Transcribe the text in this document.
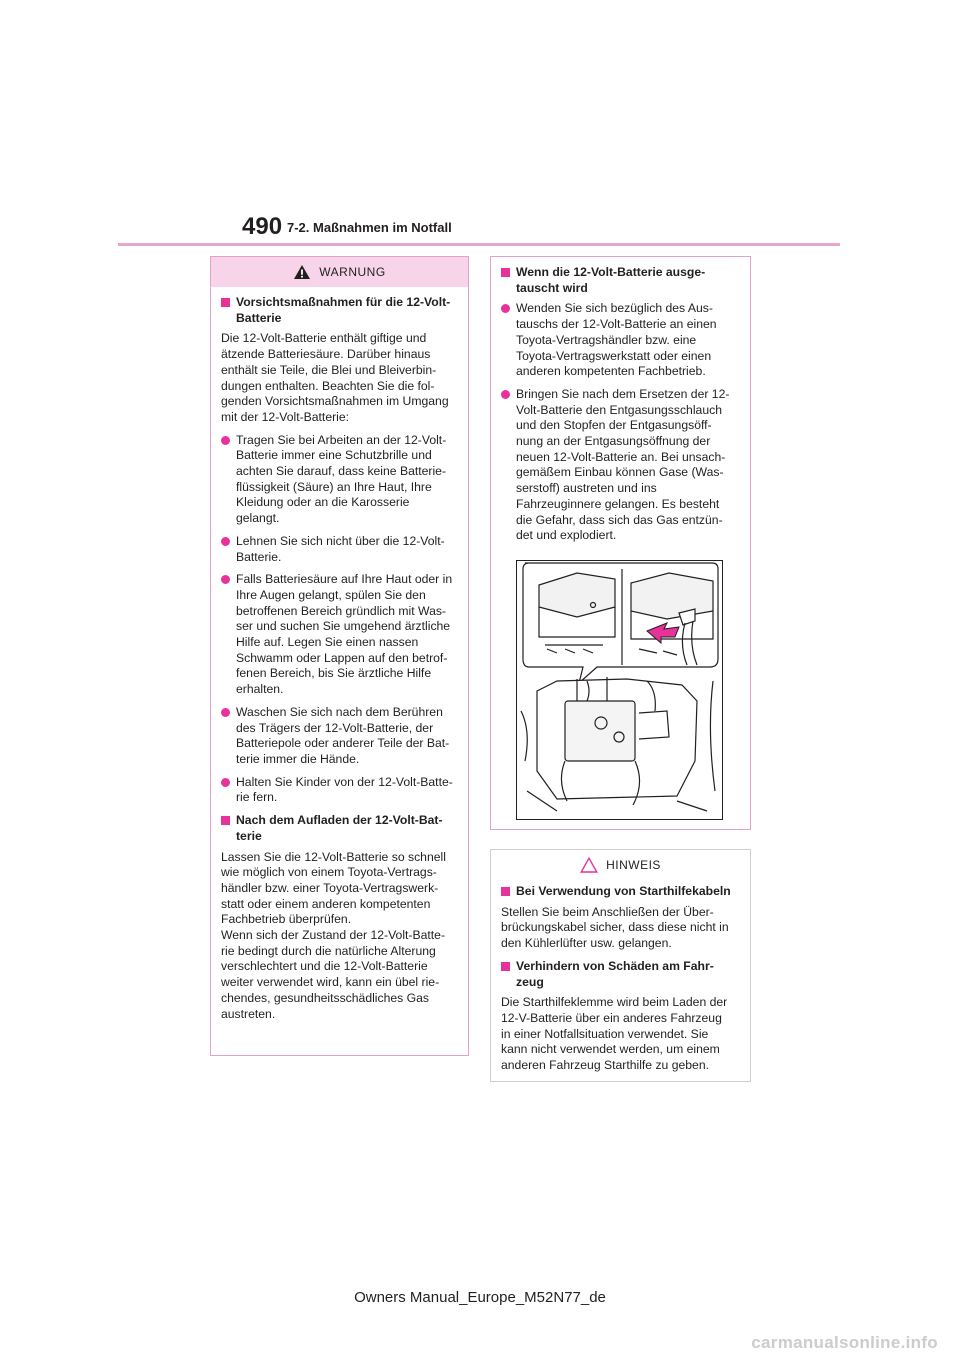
490 7-2. Maßnahmen im Notfall
WARNUNG
Vorsichtsmaßnahmen für die 12-Volt-
Batterie

Die 12-Volt-Batterie enthält giftige und
ätzende Batteriesäure. Darüber hinaus
enthält sie Teile, die Blei und Bleiverbin-
dungen enthalten. Beachten Sie die fol-
genden Vorsichtsmaßnahmen im Umgang
mit der 12-Volt-Batterie:

Tragen Sie bei Arbeiten an der 12-Volt-
Batterie immer eine Schutzbrille und
achten Sie darauf, dass keine Batterie-
flüssigkeit (Säure) an Ihre Haut, Ihre
Kleidung oder an die Karosserie
gelangt.
Lehnen Sie sich nicht über die 12-Volt-
Batterie.
Falls Batteriesäure auf Ihre Haut oder in
Ihre Augen gelangt, spülen Sie den
betroffenen Bereich gründlich mit Was-
ser und suchen Sie umgehend ärztliche
Hilfe auf. Legen Sie einen nassen
Schwamm oder Lappen auf den betrof-
fenen Bereich, bis Sie ärztliche Hilfe
erhalten.
Waschen Sie sich nach dem Berühren
des Trägers der 12-Volt-Batterie, der
Batteriepole oder anderer Teile der Bat-
terie immer die Hände.
Halten Sie Kinder von der 12-Volt-Batte-
rie fern.
Nach dem Aufladen der 12-Volt-Bat-
terie

Lassen Sie die 12-Volt-Batterie so schnell
wie möglich von einem Toyota-Vertrags-
händler bzw. einer Toyota-Vertragswerk-
statt oder einem anderen kompetenten
Fachbetrieb überprüfen.
Wenn sich der Zustand der 12-Volt-Batte-
rie bedingt durch die natürliche Alterung
verschlechtert und die 12-Volt-Batterie
weiter verwendet wird, kann ein übel rie-
chendes, gesundheitsschädliches Gas
austreten.

Wenn die 12-Volt-Batterie ausge-
tauscht wird
Wenden Sie sich bezüglich des Aus-
tauschs der 12-Volt-Batterie an einen
Toyota-Vertragshändler bzw. eine
Toyota-Vertragswerkstatt oder einen
anderen kompetenten Fachbetrieb.
Bringen Sie nach dem Ersetzen der 12-
Volt-Batterie den Entgasungsschlauch
und den Stopfen der Entgasungsöff-
nung an der Entgasungsöffnung der
neuen 12-Volt-Batterie an. Bei unsach-
gemäßem Einbau können Gase (Was-
serstoff) austreten und ins
Fahrzeuginnere gelangen. Es besteht
die Gefahr, dass sich das Gas entzün-
det und explodiert.
HINWEIS
Bei Verwendung von Starthilfekabeln

Stellen Sie beim Anschließen der Über-
brückungskabel sicher, dass diese nicht in
den Kühlerlüfter usw. gelangen.

Verhindern von Schäden am Fahr-
zeug

Die Starthilfeklemme wird beim Laden der
12-V-Batterie über ein anderes Fahrzeug
in einer Notfallsituation verwendet. Sie
kann nicht verwendet werden, um einem
anderen Fahrzeug Starthilfe zu geben.

Owners Manual_Europe_M52N77_de
carmanualsonline.info
